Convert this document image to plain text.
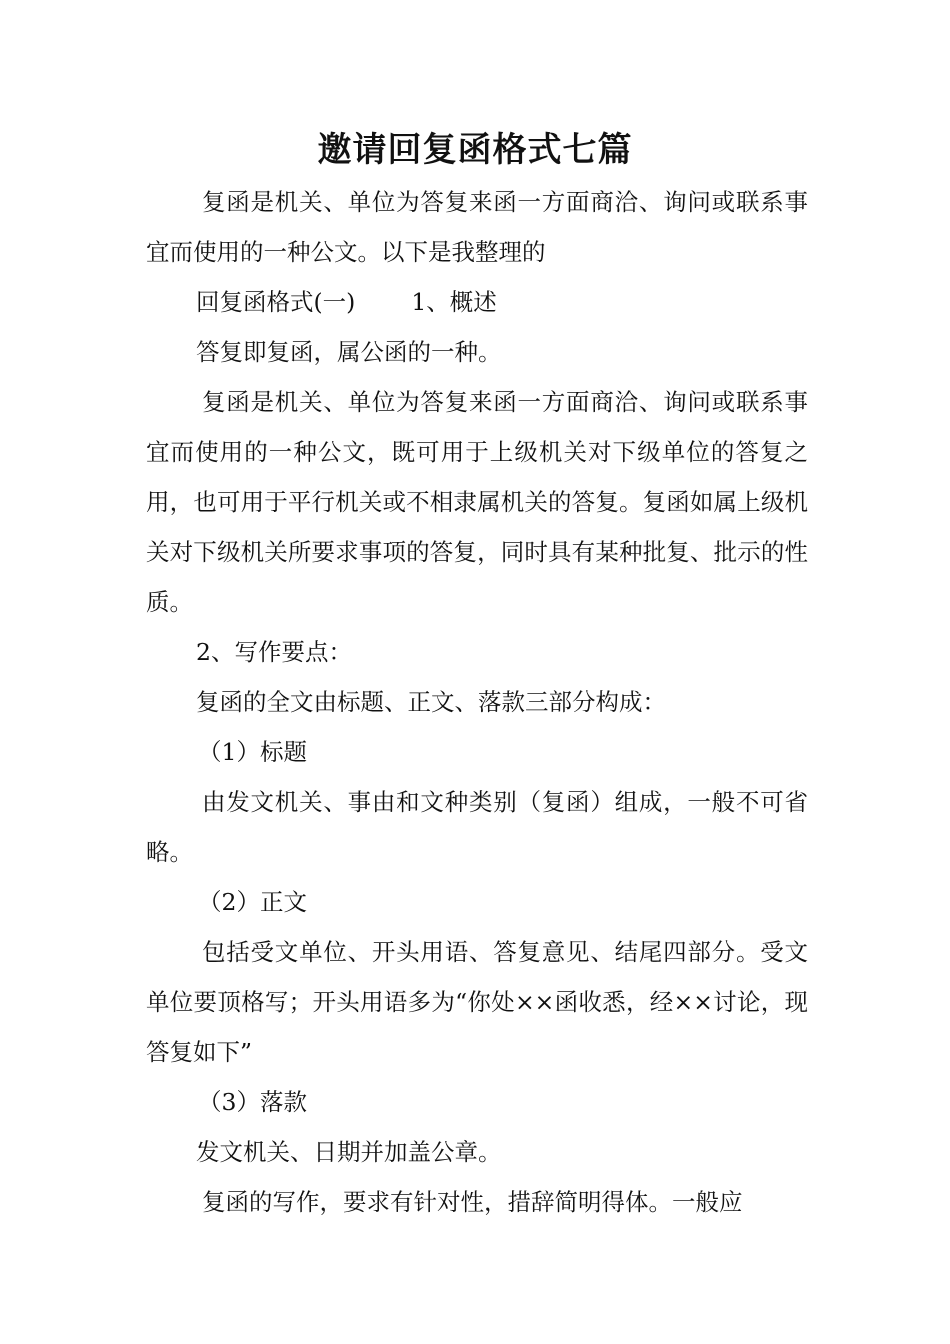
邀请回复函格式七篇

复函是机关、单位为答复来函一方面商洽、询问或联系事宜而使用的一种公文。以下是我整理的

回复函格式(一) 1、概述

答复即复函，属公函的一种。

复函是机关、单位为答复来函一方面商洽、询问或联系事宜而使用的一种公文，既可用于上级机关对下级单位的答复之用，也可用于平行机关或不相隶属机关的答复。复函如属上级机关对下级机关所要求事项的答复，同时具有某种批复、批示的性质。

2、写作要点：

复函的全文由标题、正文、落款三部分构成：

（1）标题

由发文机关、事由和文种类别（复函）组成，一般不可省略。

（2）正文

包括受文单位、开头用语、答复意见、结尾四部分。受文单位要顶格写；开头用语多为“你处××函收悉，经××讨论，现答复如下”

（3）落款

发文机关、日期并加盖公章。

复函的写作，要求有针对性，措辞简明得体。一般应
